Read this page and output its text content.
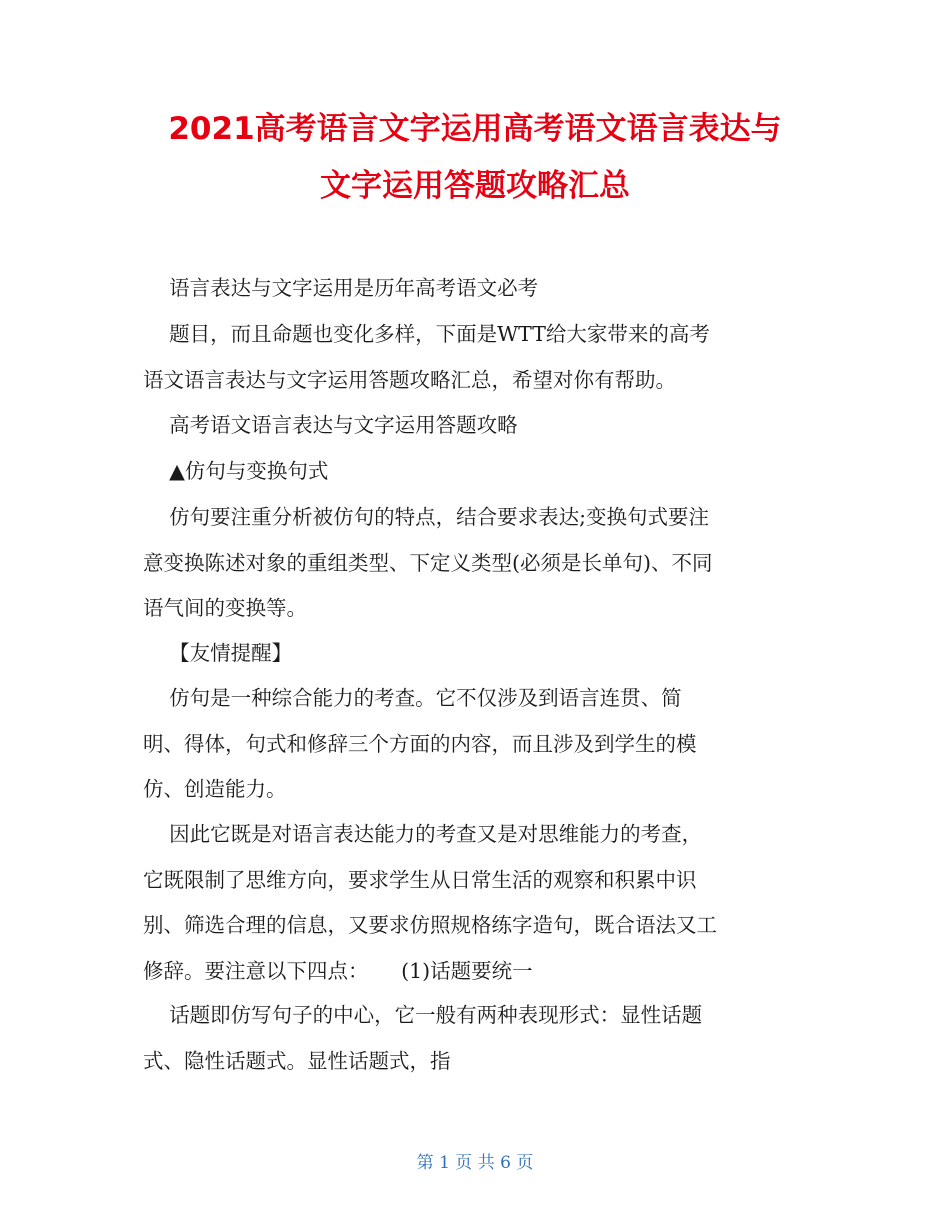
2021高考语言文字运用高考语文语言表达与
文字运用答题攻略汇总

语言表达与文字运用是历年高考语文必考

题目，而且命题也变化多样，下面是WTT给大家带来的高考
语文语言表达与文字运用答题攻略汇总，希望对你有帮助。

高考语文语言表达与文字运用答题攻略

▲仿句与变换句式

仿句要注重分析被仿句的特点，结合要求表达;变换句式要注
意变换陈述对象的重组类型、下定义类型(必须是长单句)、不同
语气间的变换等。

【友情提醒】

仿句是一种综合能力的考查。它不仅涉及到语言连贯、简
明、得体，句式和修辞三个方面的内容，而且涉及到学生的模
仿、创造能力。

因此它既是对语言表达能力的考查又是对思维能力的考查，
它既限制了思维方向，要求学生从日常生活的观察和积累中识
别、筛选合理的信息，又要求仿照规格练字造句，既合语法又工
修辞。要注意以下四点：     (1)话题要统一

话题即仿写句子的中心，它一般有两种表现形式：显性话题
式、隐性话题式。显性话题式，指

第 1 页 共 6 页
